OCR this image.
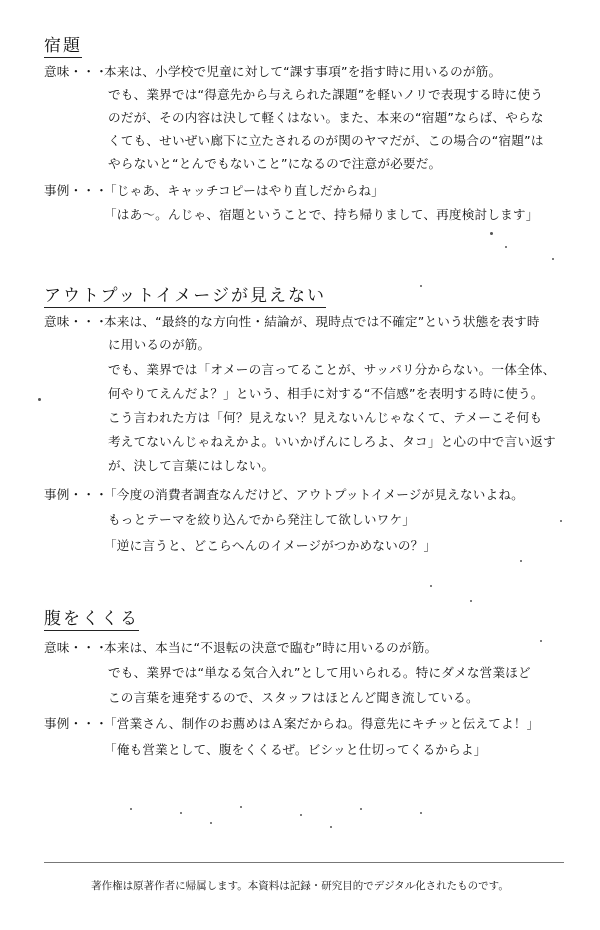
宿題
意味・・・
本来は、小学校で児童に対して“課す事項”を指す時に用いるのが筋。
でも、業界では“得意先から与えられた課題”を軽いノリで表現する時に使う
のだが、その内容は決して軽くはない。また、本来の“宿題”ならば、やらな
くても、せいぜい廊下に立たされるのが関のヤマだが、この場合の“宿題”は
やらないと“とんでもないこと”になるので注意が必要だ。
事例・・・
「じゃあ、キャッチコピーはやり直しだからね」
「はあ〜。んじゃ、宿題ということで、持ち帰りまして、再度検討します」
アウトプットイメージが見えない
意味・・・
本来は、“最終的な方向性・結論が、現時点では不確定”という状態を表す時
に用いるのが筋。
でも、業界では「オメーの言ってることが、サッパリ分からない。一体全体、
何やりてえんだよ？」という、相手に対する“不信感”を表明する時に使う。
こう言われた方は「何？見えない？見えないんじゃなくて、テメーこそ何も
考えてないんじゃねえかよ。いいかげんにしろよ、タコ」と心の中で言い返す
が、決して言葉にはしない。
事例・・・
「今度の消費者調査なんだけど、アウトプットイメージが見えないよね。
もっとテーマを絞り込んでから発注して欲しいワケ」
「逆に言うと、どこらへんのイメージがつかめないの？」
腹をくくる
意味・・・
本来は、本当に“不退転の決意で臨む”時に用いるのが筋。
でも、業界では“単なる気合入れ”として用いられる。特にダメな営業ほど
この言葉を連発するので、スタッフはほとんど聞き流している。
事例・・・
「営業さん、制作のお薦めはＡ案だからね。得意先にキチッと伝えてよ！」
「俺も営業として、腹をくくるぜ。ビシッと仕切ってくるからよ」
著作権は原著作者に帰属します。本資料は記録・研究目的でデジタル化されたものです。
